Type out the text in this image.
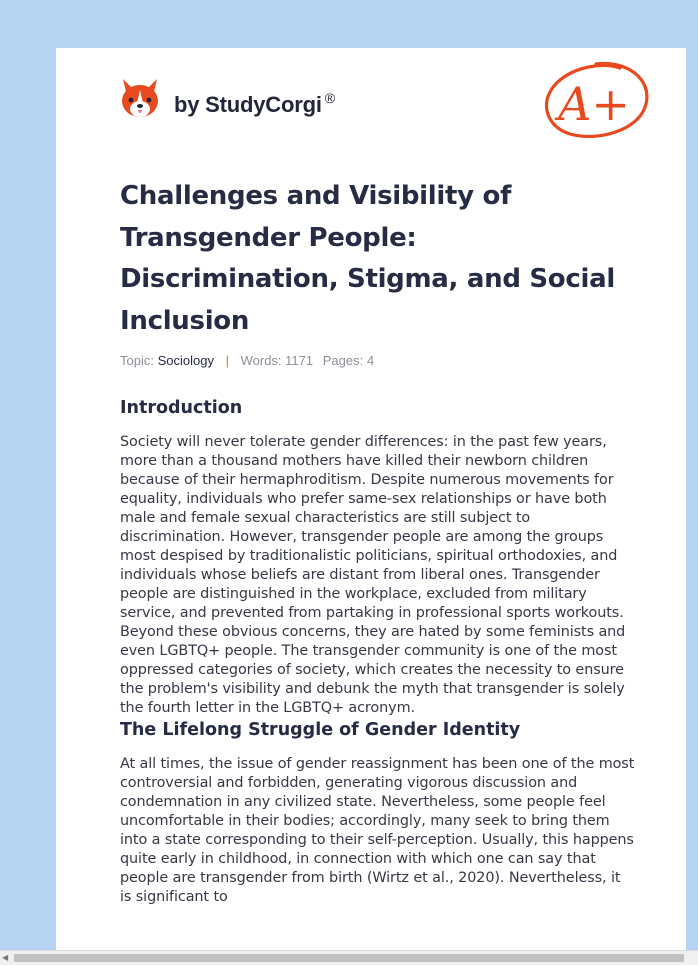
by StudyCorgi ®	A+
Challenges and Visibility of Transgender People: Discrimination, Stigma, and Social Inclusion
Topic: Sociology | Words: 1171 Pages: 4
Introduction

Society will never tolerate gender differences: in the past few years, more than a thousand mothers have killed their newborn children because of their hermaphroditism. Despite numerous movements for equality, individuals who prefer same-sex relationships or have both male and female sexual characteristics are still subject to discrimination. However, transgender people are among the groups most despised by traditionalistic politicians, spiritual orthodoxies, and individuals whose beliefs are distant from liberal ones. Transgender people are distinguished in the workplace, excluded from military service, and prevented from partaking in professional sports workouts. Beyond these obvious concerns, they are hated by some feminists and even LGBTQ+ people. The transgender community is one of the most oppressed categories of society, which creates the necessity to ensure the problem's visibility and debunk the myth that transgender is solely the fourth letter in the LGBTQ+ acronym.

The Lifelong Struggle of Gender Identity

At all times, the issue of gender reassignment has been one of the most controversial and forbidden, generating vigorous discussion and condemnation in any civilized state. Nevertheless, some people feel uncomfortable in their bodies; accordingly, many seek to bring them into a state corresponding to their self-perception. Usually, this happens quite early in childhood, in connection with which one can say that people are transgender from birth (Wirtz et al., 2020). Nevertheless, it is significant to

◀
